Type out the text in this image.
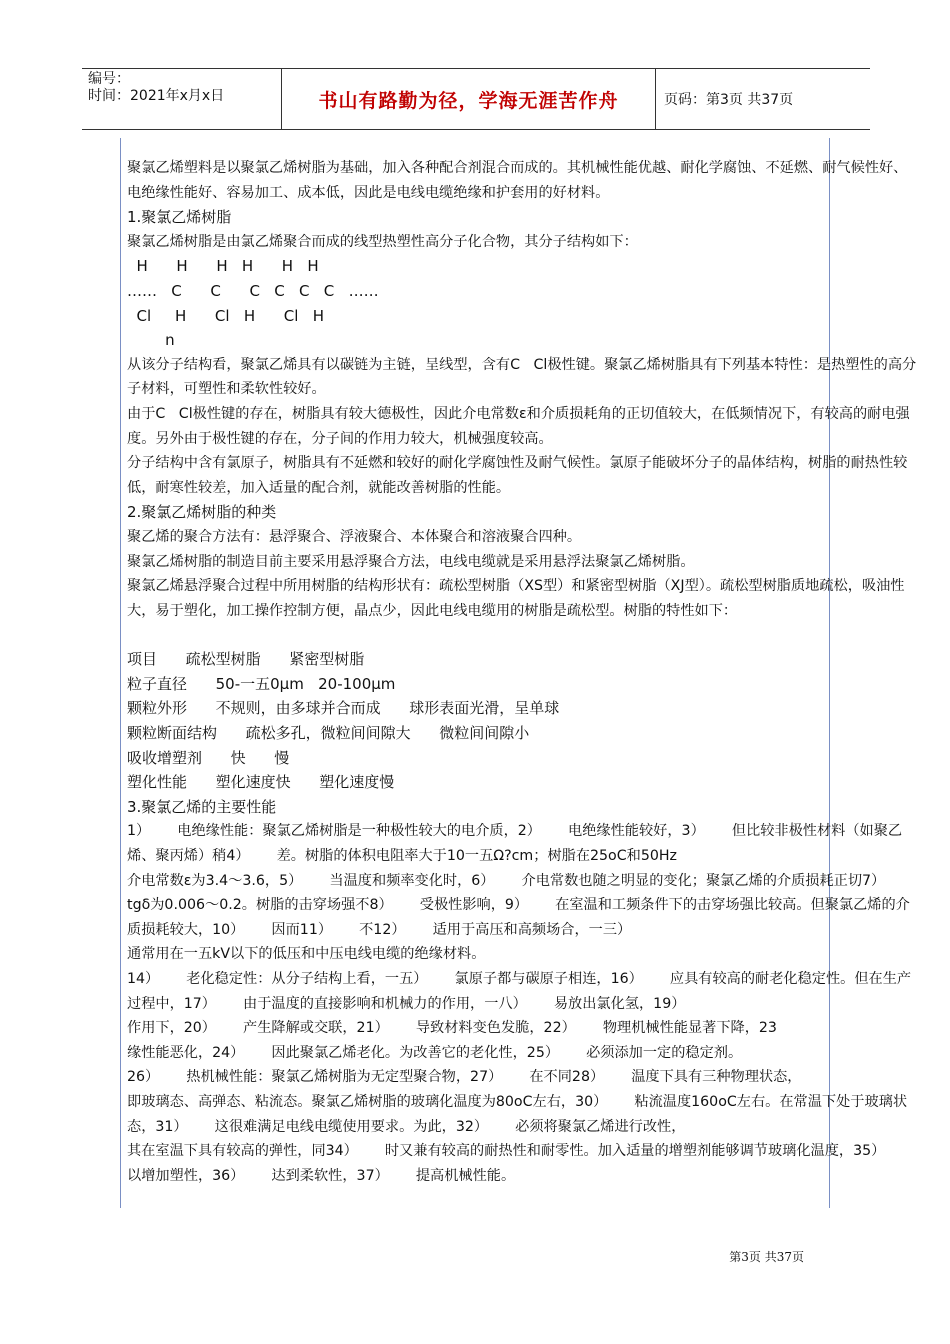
编号：
时间：2021年x月x日	书山有路勤为径，学海无涯苦作舟	页码：第3页 共37页

聚氯乙烯塑料是以聚氯乙烯树脂为基础，加入各种配合剂混合而成的。其机械性能优越、耐化学腐蚀、不延燃、耐气候性好、电绝缘性能好、容易加工、成本低，因此是电线电缆绝缘和护套用的好材料。

1.聚氯乙烯树脂

聚氯乙烯树脂是由氯乙烯聚合而成的线型热塑性高分子化合物，其分子结构如下：

H      H      H   H      H   H

……   C      C      C   C   C   C   ……

Cl     H      Cl   H      Cl   H

n

从该分子结构看，聚氯乙烯具有以碳链为主链，呈线型，含有C   Cl极性键。聚氯乙烯树脂具有下列基本特性：是热塑性的高分子材料，可塑性和柔软性较好。

由于C   Cl极性键的存在，树脂具有较大德极性，因此介电常数ε和介质损耗角的正切值较大，在低频情况下，有较高的耐电强度。另外由于极性键的存在，分子间的作用力较大，机械强度较高。

分子结构中含有氯原子，树脂具有不延燃和较好的耐化学腐蚀性及耐气候性。氯原子能破坏分子的晶体结构，树脂的耐热性较低，耐寒性较差，加入适量的配合剂，就能改善树脂的性能。

2.聚氯乙烯树脂的种类

聚乙烯的聚合方法有：悬浮聚合、浮液聚合、本体聚合和溶液聚合四种。

聚氯乙烯树脂的制造目前主要采用悬浮聚合方法，电线电缆就是采用悬浮法聚氯乙烯树脂。

聚氯乙烯悬浮聚合过程中所用树脂的结构形状有：疏松型树脂（XS型）和紧密型树脂（XJ型）。疏松型树脂质地疏松，吸油性大，易于塑化，加工操作控制方便，晶点少，因此电线电缆用的树脂是疏松型。树脂的特性如下：

项目      疏松型树脂      紧密型树脂

粒子直径      50-一五0μm   20-100μm

颗粒外形      不规则，由多球并合而成      球形表面光滑，呈单球

颗粒断面结构      疏松多孔，微粒间间隙大      微粒间间隙小

吸收增塑剂      快      慢

塑化性能      塑化速度快      塑化速度慢

3.聚氯乙烯的主要性能

1）      电绝缘性能：聚氯乙烯树脂是一种极性较大的电介质，2）      电绝缘性能较好，3）      但比较非极性材料（如聚乙烯、聚丙烯）稍4）      差。树脂的体积电阻率大于10一五Ω?cm；树脂在25oC和50Hz

介电常数ε为3.4～3.6，5）      当温度和频率变化时，6）      介电常数也随之明显的变化；聚氯乙烯的介质损耗正切7）      tgδ为0.006～0.2。树脂的击穿场强不8）      受极性影响，9）      在室温和工频条件下的击穿场强比较高。但聚氯乙烯的介质损耗较大，10）      因而11）      不12）      适用于高压和高频场合，一三）

通常用在一五kV以下的低压和中压电线电缆的绝缘材料。

14）      老化稳定性：从分子结构上看，一五）      氯原子都与碳原子相连，16）      应具有较高的耐老化稳定性。但在生产过程中，17）      由于温度的直接影响和机械力的作用，一八）      易放出氯化氢，19）

作用下，20）      产生降解或交联，21）      导致材料变色发脆，22）      物理机械性能显著下降，23

缘性能恶化，24）      因此聚氯乙烯老化。为改善它的老化性，25）      必须添加一定的稳定剂。

26）      热机械性能：聚氯乙烯树脂为无定型聚合物，27）      在不同28）      温度下具有三种物理状态，

即玻璃态、高弹态、粘流态。聚氯乙烯树脂的玻璃化温度为80oC左右，30）      粘流温度160oC左右。在常温下处于玻璃状态，31）      这很难满足电线电缆使用要求。为此，32）      必须将聚氯乙烯进行改性，

其在室温下具有较高的弹性，同34）      时又兼有较高的耐热性和耐零性。加入适量的增塑剂能够调节玻璃化温度，35）      以增加塑性，36）      达到柔软性，37）      提高机械性能。

第3页 共37页
